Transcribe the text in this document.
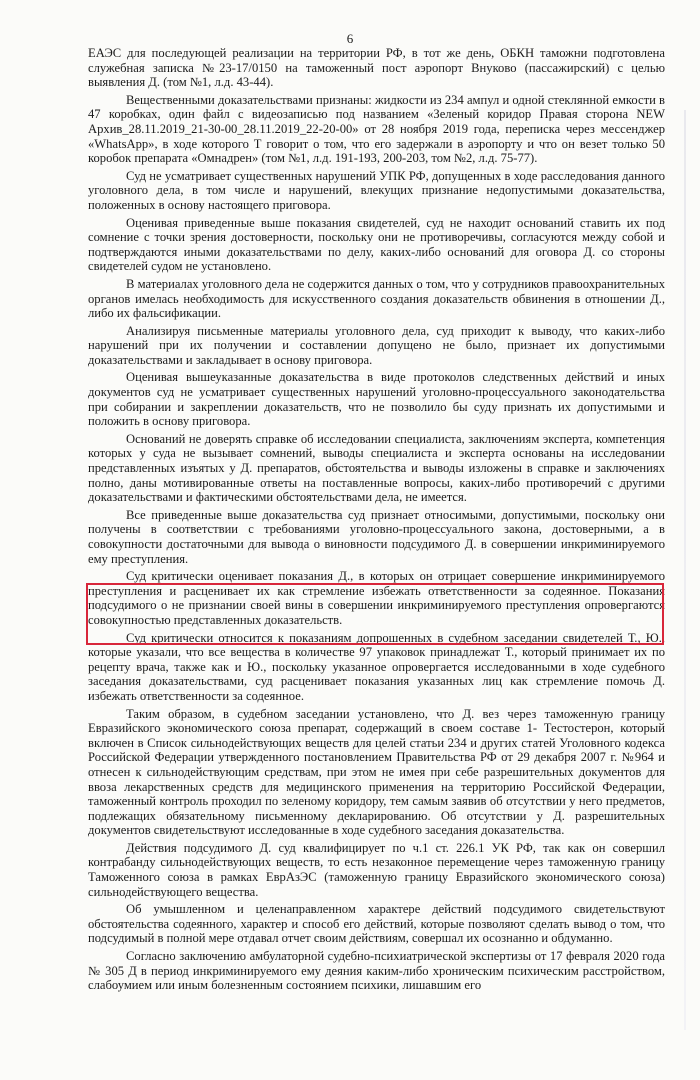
6

ЕАЭС для последующей реализации на территории РФ, в тот же день, ОБКН таможни подготовлена служебная записка №23-17/0150 на таможенный пост аэропорт Внуково (пассажирский) с целью выявления Д. (том №1, л.д. 43-44).

Вещественными доказательствами признаны: жидкости из 234 ампул и одной стеклянной емкости в 47 коробках, один файл с видеозаписью под названием «Зеленый коридор Правая сторона NEW Архив_28.11.2019_21-30-00_28.11.2019_22-20-00» от 28 ноября 2019 года, переписка через мессенджер «WhatsApp», в ходе которого Т говорит о том, что его задержали в аэропорту и что он везет только 50 коробок препарата «Омнадрен» (том №1, л.д. 191-193, 200-203, том №2, л.д. 75-77).

Суд не усматривает существенных нарушений УПК РФ, допущенных в ходе расследования данного уголовного дела, в том числе и нарушений, влекущих признание недопустимыми доказательства, положенных в основу настоящего приговора.

Оценивая приведенные выше показания свидетелей, суд не находит оснований ставить их под сомнение с точки зрения достоверности, поскольку они не противоречивы, согласуются между собой и подтверждаются иными доказательствами по делу, каких-либо оснований для оговора Д. со стороны свидетелей судом не установлено.

В материалах уголовного дела не содержится данных о том, что у сотрудников правоохранительных органов имелась необходимость для искусственного создания доказательств обвинения в отношении Д., либо их фальсификации.

Анализируя письменные материалы уголовного дела, суд приходит к выводу, что каких-либо нарушений при их получении и составлении допущено не было, признает их допустимыми доказательствами и закладывает в основу приговора.

Оценивая вышеуказанные доказательства в виде протоколов следственных действий и иных документов суд не усматривает существенных нарушений уголовно-процессуального законодательства при собирании и закреплении доказательств, что не позволило бы суду признать их допустимыми и положить в основу приговора.

Оснований не доверять справке об исследовании специалиста, заключениям эксперта, компетенция которых у суда не вызывает сомнений, выводы специалиста и эксперта основаны на исследовании представленных изъятых у Д. препаратов, обстоятельства и выводы изложены в справке и заключениях полно, даны мотивированные ответы на поставленные вопросы, каких-либо противоречий с другими доказательствами и фактическими обстоятельствами дела, не имеется.

Все приведенные выше доказательства суд признает относимыми, допустимыми, поскольку они получены в соответствии с требованиями уголовно-процессуального закона, достоверными, а в совокупности достаточными для вывода о виновности подсудимого Д. в совершении инкриминируемого ему преступления.

Суд критически оценивает показания Д., в которых он отрицает совершение инкриминируемого преступления и расценивает их как стремление избежать ответственности за содеянное. Показания подсудимого о не признании своей вины в совершении инкриминируемого преступления опровергаются совокупностью представленных доказательств.

Суд критически относится к показаниям допрошенных в судебном заседании свидетелей Т., Ю., которые указали, что все вещества в количестве 97 упаковок принадлежат Т., который принимает их по рецепту врача, также как и Ю., поскольку указанное опровергается исследованными в ходе судебного заседания доказательствами, суд расценивает показания указанных лиц как стремление помочь Д. избежать ответственности за содеянное.

Таким образом, в судебном заседании установлено, что Д. вез через таможенную границу Евразийского экономического союза препарат, содержащий в своем составе 1- Тестостерон, который включен в Список сильнодействующих веществ для целей статьи 234 и других статей Уголовного кодекса Российской Федерации утвержденного постановлением Правительства РФ от 29 декабря 2007 г. №964 и отнесен к сильнодействующим средствам, при этом не имея при себе разрешительных документов для ввоза лекарственных средств для медицинского применения на территорию Российской Федерации, таможенный контроль проходил по зеленому коридору, тем самым заявив об отсутствии у него предметов, подлежащих обязательному письменному декларированию. Об отсутствии у Д. разрешительных документов свидетельствуют исследованные в ходе судебного заседания доказательства.

Действия подсудимого Д. суд квалифицирует по ч.1 ст. 226.1 УК РФ, так как он совершил контрабанду сильнодействующих веществ, то есть незаконное перемещение через таможенную границу Таможенного союза в рамках ЕврАзЭС (таможенную границу Евразийского экономического союза) сильнодействующего вещества.

Об умышленном и целенаправленном характере действий подсудимого свидетельствуют обстоятельства содеянного, характер и способ его действий, которые позволяют сделать вывод о том, что подсудимый в полной мере отдавал отчет своим действиям, совершал их осознанно и обдуманно.

Согласно заключению амбулаторной судебно-психиатрической экспертизы от 17 февраля 2020 года № 305 Д в период инкриминируемого ему деяния каким-либо хроническим психическим расстройством, слабоумием или иным болезненным состоянием психики, лишавшим его
